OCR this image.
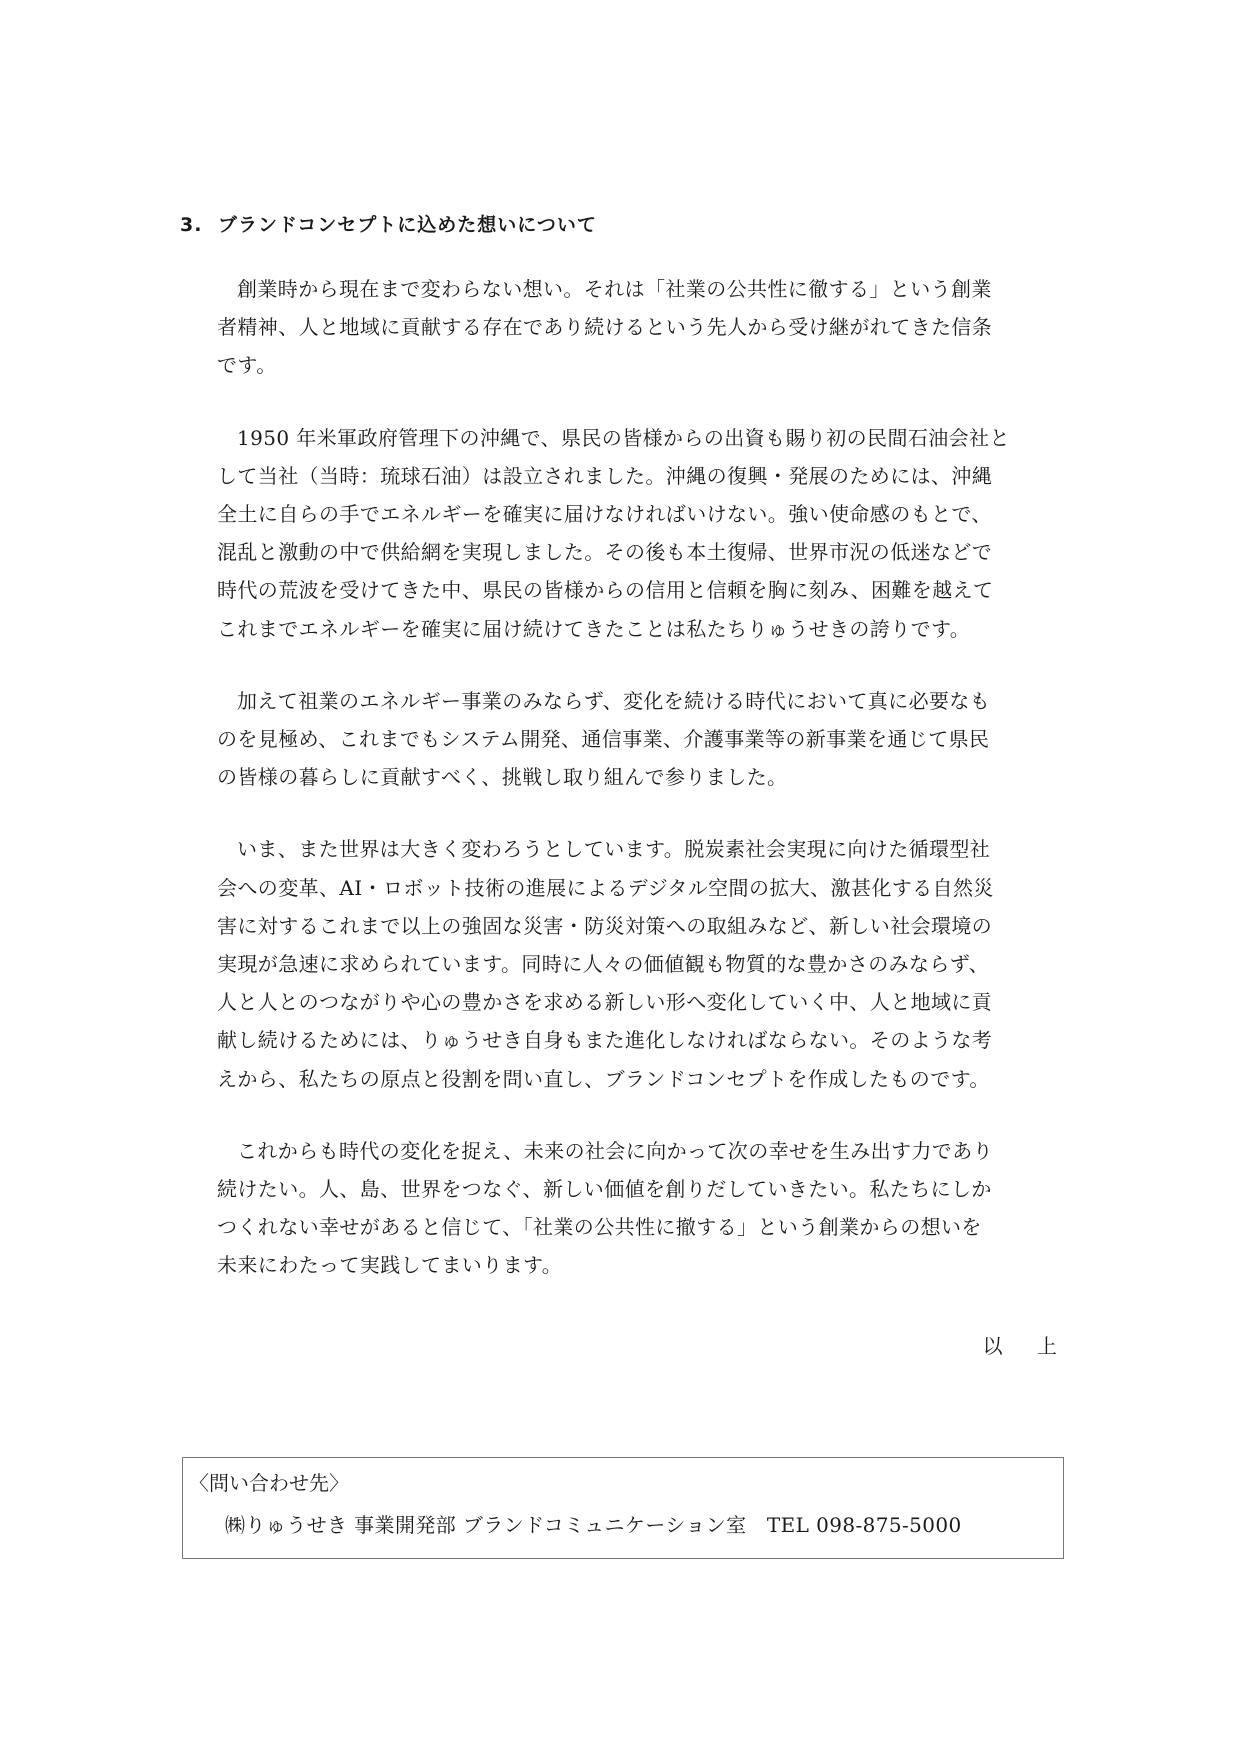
3. ブランドコンセプトに込めた想いについて

創業時から現在まで変わらない想い。それは「社業の公共性に徹する」という創業
者精神、人と地域に貢献する存在であり続けるという先人から受け継がれてきた信条
です。

1950 年米軍政府管理下の沖縄で、県民の皆様からの出資も賜り初の民間石油会社と
して当社（当時：琉球石油）は設立されました。沖縄の復興・発展のためには、沖縄
全土に自らの手でエネルギーを確実に届けなければいけない。強い使命感のもとで、
混乱と激動の中で供給網を実現しました。その後も本土復帰、世界市況の低迷などで
時代の荒波を受けてきた中、県民の皆様からの信用と信頼を胸に刻み、困難を越えて
これまでエネルギーを確実に届け続けてきたことは私たちりゅうせきの誇りです。

加えて祖業のエネルギー事業のみならず、変化を続ける時代において真に必要なも
のを見極め、これまでもシステム開発、通信事業、介護事業等の新事業を通じて県民
の皆様の暮らしに貢献すべく、挑戦し取り組んで参りました。

いま、また世界は大きく変わろうとしています。脱炭素社会実現に向けた循環型社
会への変革、AI・ロボット技術の進展によるデジタル空間の拡大、激甚化する自然災
害に対するこれまで以上の強固な災害・防災対策への取組みなど、新しい社会環境の
実現が急速に求められています。同時に人々の価値観も物質的な豊かさのみならず、
人と人とのつながりや心の豊かさを求める新しい形へ変化していく中、人と地域に貢
献し続けるためには、りゅうせき自身もまた進化しなければならない。そのような考
えから、私たちの原点と役割を問い直し、ブランドコンセプトを作成したものです。

これからも時代の変化を捉え、未来の社会に向かって次の幸せを生み出す力であり
続けたい。人、島、世界をつなぐ、新しい価値を創りだしていきたい。私たちにしか
つくれない幸せがあると信じて、「社業の公共性に撤する」という創業からの想いを
未来にわたって実践してまいります。

以 上

〈問い合わせ先〉

㈱りゅうせき 事業開発部 ブランドコミュニケーション室　TEL 098-875-5000
